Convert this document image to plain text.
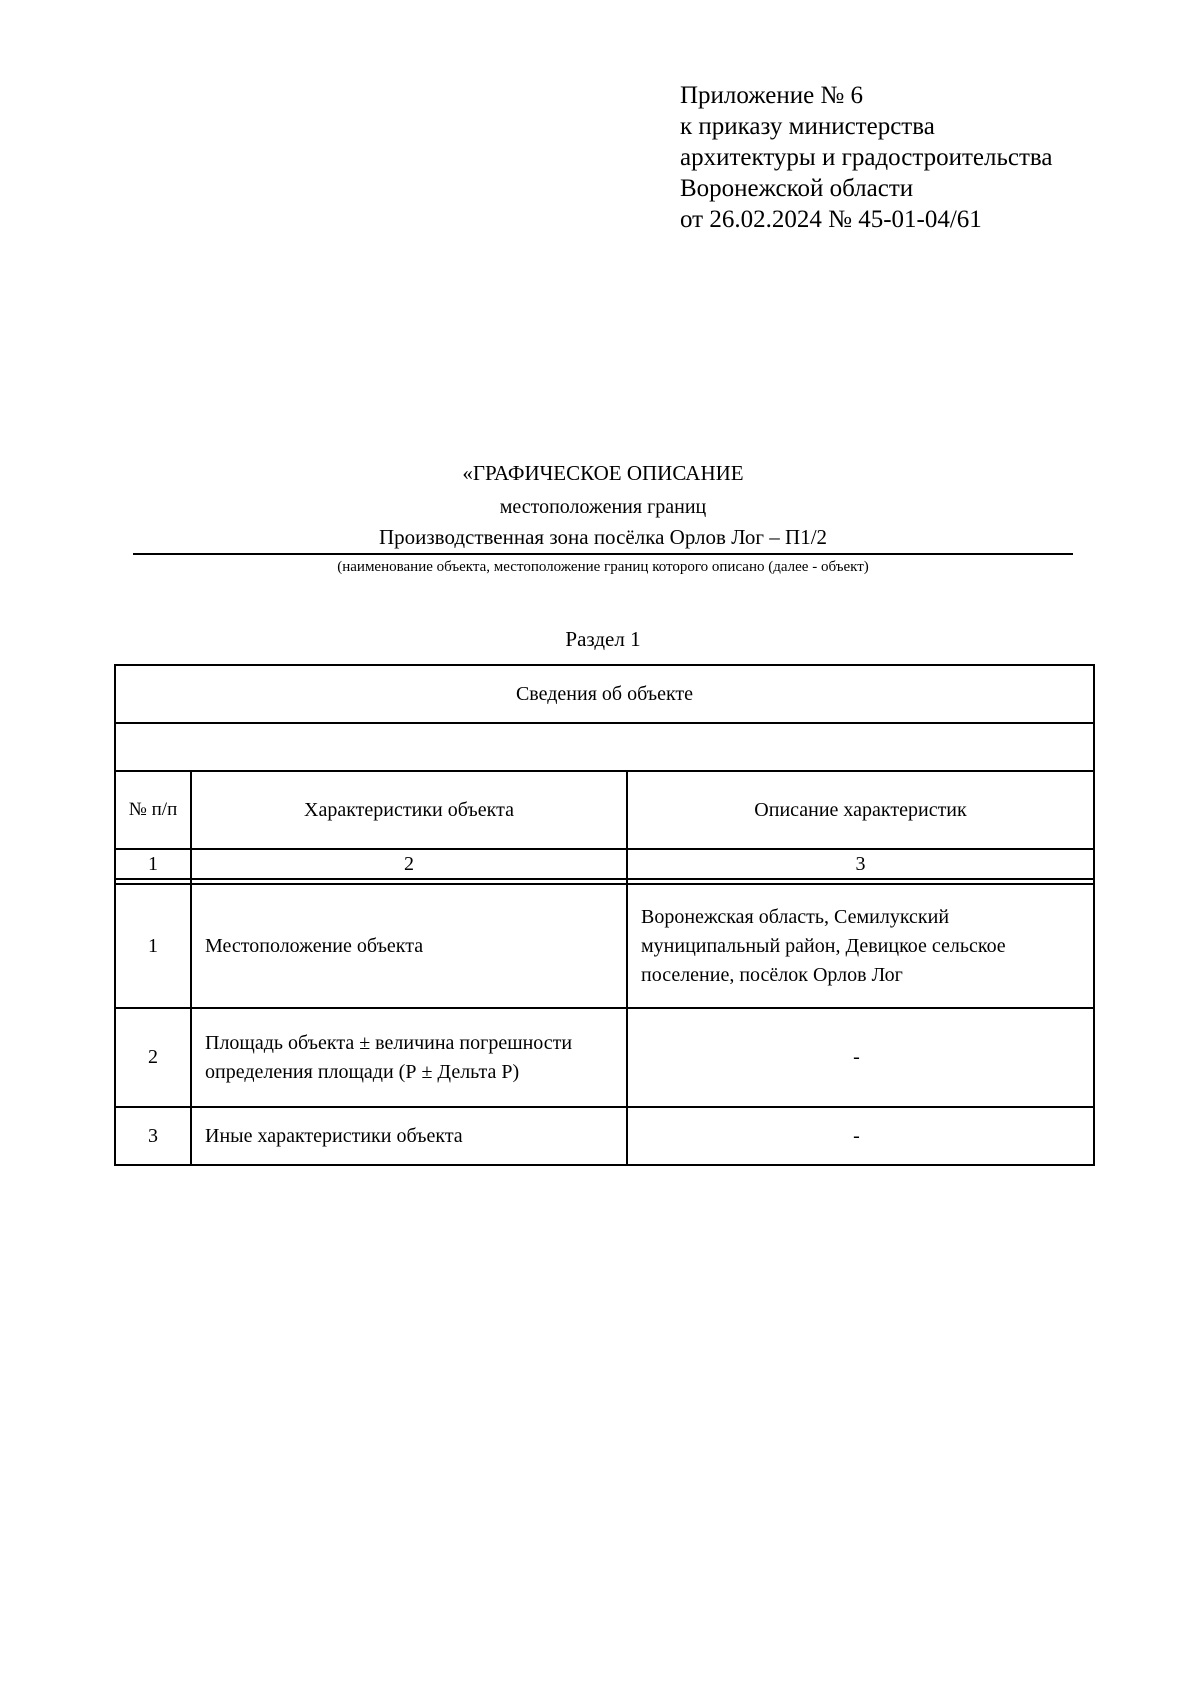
Приложение № 6
к приказу министерства
архитектуры и градостроительства
Воронежской области
от 26.02.2024 № 45-01-04/61
«ГРАФИЧЕСКОЕ ОПИСАНИЕ
местоположения границ
Производственная зона посёлка Орлов Лог – П1/2
(наименование объекта, местоположение границ которого описано (далее - объект)
Раздел 1
Сведения об объекте		

№ п/п	Характеристики объекта	Описание характеристик
1	2	3

1	Местоположение объекта	Воронежская область, Семилукский муниципальный район, Девицкое сельское поселение, посёлок Орлов Лог
2	Площадь объекта ± величина погрешности определения площади (Р ± Дельта Р)	-
3	Иные характеристики объекта	-
